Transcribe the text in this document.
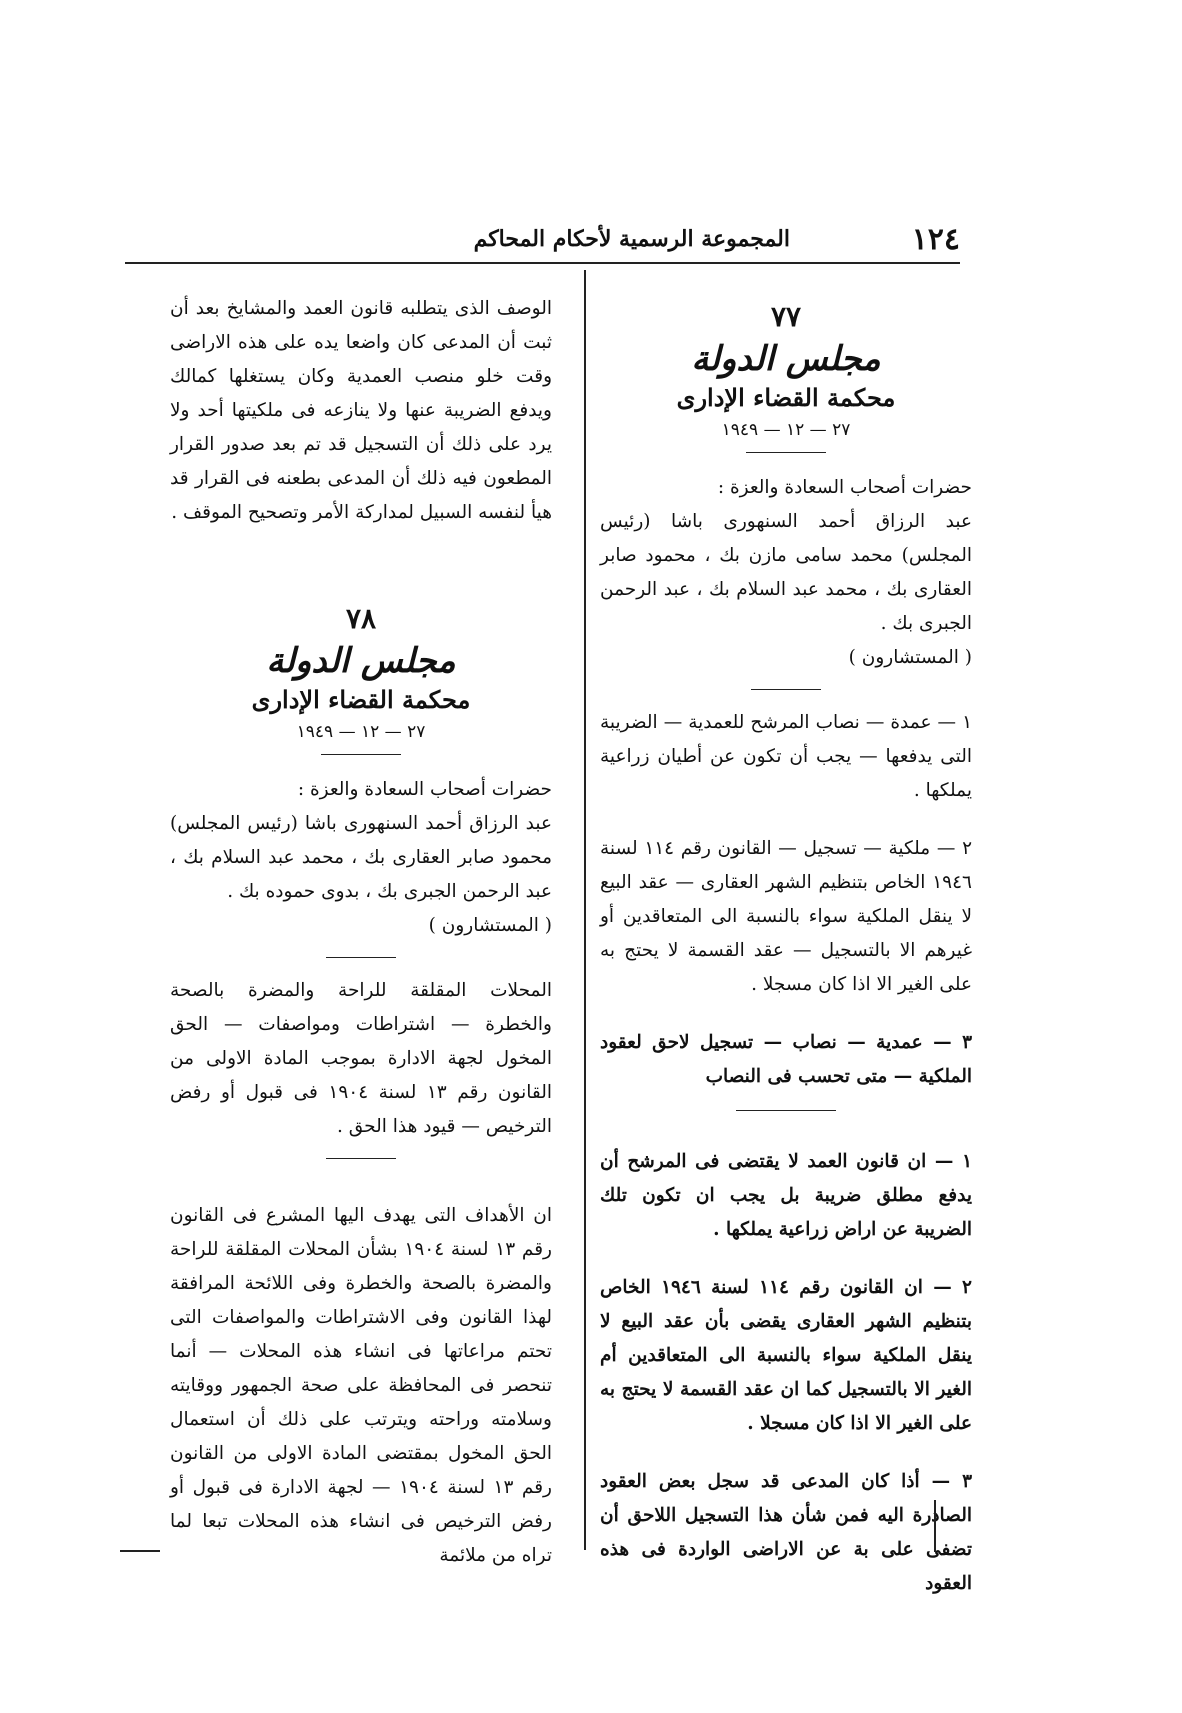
١٢٤
المجموعة الرسمية لأحكام المحاكم

٧٧

مجلس الدولة

محكمة القضاء الإدارى

٢٧ — ١٢ — ١٩٤٩

حضرات أصحاب السعادة والعزة :

عبد الرزاق أحمد السنهورى باشا (رئيس المجلس) محمد سامى مازن بك ، محمود صابر العقارى بك ، محمد عبد السلام بك ، عبد الرحمن الجبرى بك .

( المستشارون )

١ — عمدة — نصاب المرشح للعمدية — الضريبة التى يدفعها — يجب أن تكون عن أطيان زراعية يملكها .

٢ — ملكية — تسجيل — القانون رقم ١١٤ لسنة ١٩٤٦ الخاص بتنظيم الشهر العقارى — عقد البيع لا ينقل الملكية سواء بالنسبة الى المتعاقدين أو غيرهم الا بالتسجيل — عقد القسمة لا يحتج به على الغير الا اذا كان مسجلا .

٣ — عمدية — نصاب — تسجيل لاحق لعقود الملكية — متى تحسب فى النصاب

١ — ان قانون العمد لا يقتضى فى المرشح أن يدفع مطلق ضريبة بل يجب ان تكون تلك الضريبة عن اراض زراعية يملكها .

٢ — ان القانون رقم ١١٤ لسنة ١٩٤٦ الخاص بتنظيم الشهر العقارى يقضى بأن عقد البيع لا ينقل الملكية سواء بالنسبة الى المتعاقدين أم الغير الا بالتسجيل كما ان عقد القسمة لا يحتج به على الغير الا اذا كان مسجلا .

٣ — أذا كان المدعى قد سجل بعض العقود الصادرة اليه فمن شأن هذا التسجيل اللاحق أن تضفى على بة عن الاراضى الواردة فى هذه العقود

الوصف الذى يتطلبه قانون العمد والمشايخ بعد أن ثبت أن المدعى كان واضعا يده على هذه الاراضى وقت خلو منصب العمدية وكان يستغلها كمالك ويدفع الضريبة عنها ولا ينازعه فى ملكيتها أحد ولا يرد على ذلك أن التسجيل قد تم بعد صدور القرار المطعون فيه ذلك أن المدعى بطعنه فى القرار قد هيأ لنفسه السبيل لمداركة الأمر وتصحيح الموقف .

٧٨

مجلس الدولة

محكمة القضاء الإدارى

٢٧ — ١٢ — ١٩٤٩

حضرات أصحاب السعادة والعزة :

عبد الرزاق أحمد السنهورى باشا (رئيس المجلس) محمود صابر العقارى بك ، محمد عبد السلام بك ، عبد الرحمن الجبرى بك ، بدوى حموده بك .

( المستشارون )

المحلات المقلقة للراحة والمضرة بالصحة والخطرة — اشتراطات ومواصفات — الحق المخول لجهة الادارة بموجب المادة الاولى من القانون رقم ١٣ لسنة ١٩٠٤ فى قبول أو رفض الترخيص — قيود هذا الحق .

ان الأهداف التى يهدف اليها المشرع فى القانون رقم ١٣ لسنة ١٩٠٤ بشأن المحلات المقلقة للراحة والمضرة بالصحة والخطرة وفى اللائحة المرافقة لهذا القانون وفى الاشتراطات والمواصفات التى تحتم مراعاتها فى انشاء هذه المحلات — أنما تنحصر فى المحافظة على صحة الجمهور ووقايته وسلامته وراحته ويترتب على ذلك أن استعمال الحق المخول بمقتضى المادة الاولى من القانون رقم ١٣ لسنة ١٩٠٤ — لجهة الادارة فى قبول أو رفض الترخيص فى انشاء هذه المحلات تبعا لما تراه من ملائمة
